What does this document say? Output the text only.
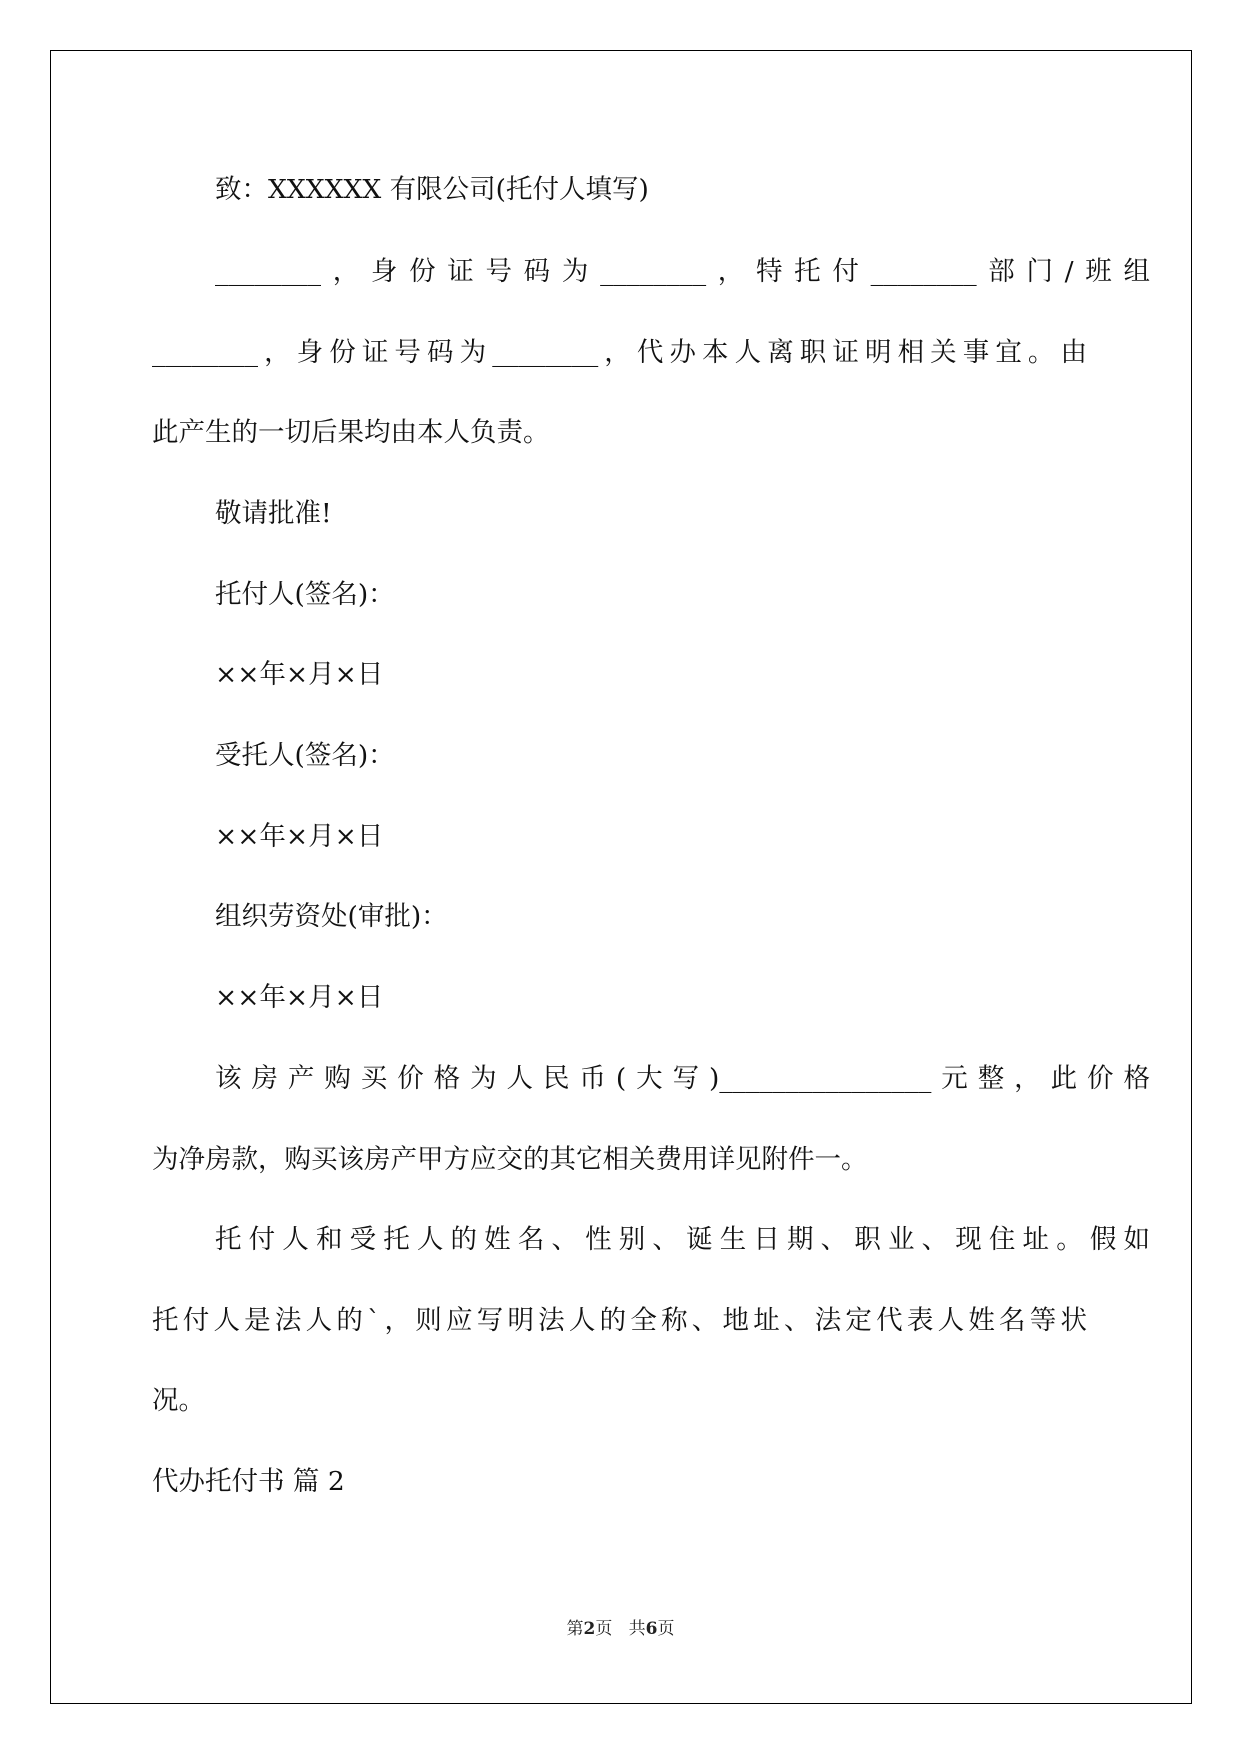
致：XXXXXX 有限公司(托付人填写)

________，身份证号码为________，特托付________部门/班组

________，身份证号码为________，代办本人离职证明相关事宜。由

此产生的一切后果均由本人负责。

敬请批准!

托付人(签名)：

××年×月×日

受托人(签名)：

××年×月×日

组织劳资处(审批)：

××年×月×日

该房产购买价格为人民币(大写)________________元整，此价格

为净房款，购买该房产甲方应交的其它相关费用详见附件一。

托付人和受托人的姓名、性别、诞生日期、职业、现住址。假如

托付人是法人的`，则应写明法人的全称、地址、法定代表人姓名等状

况。

代办托付书 篇 2

第2页   共6页
